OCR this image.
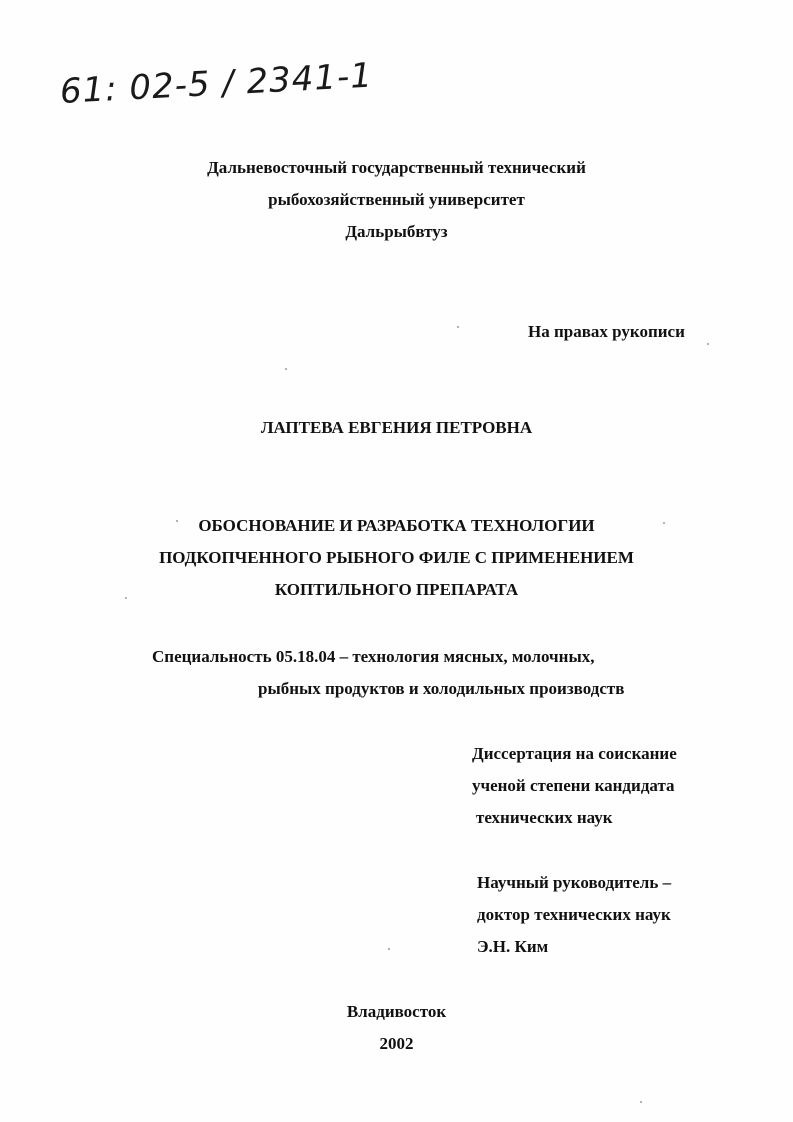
61: 02-5 / 2341-1
Дальневосточный государственный технический
рыбохозяйственный университет
Дальрыбвтуз
На правах рукописи
ЛАПТЕВА ЕВГЕНИЯ ПЕТРОВНА
ОБОСНОВАНИЕ И РАЗРАБОТКА ТЕХНОЛОГИИ
ПОДКОПЧЕННОГО РЫБНОГО ФИЛЕ С ПРИМЕНЕНИЕМ
КОПТИЛЬНОГО ПРЕПАРАТА
Специальность 05.18.04 – технология мясных, молочных,
рыбных продуктов и холодильных производств
Диссертация на соискание
ученой степени кандидата
технических наук
Научный руководитель –
доктор технических наук
Э.Н. Ким
Владивосток
2002
